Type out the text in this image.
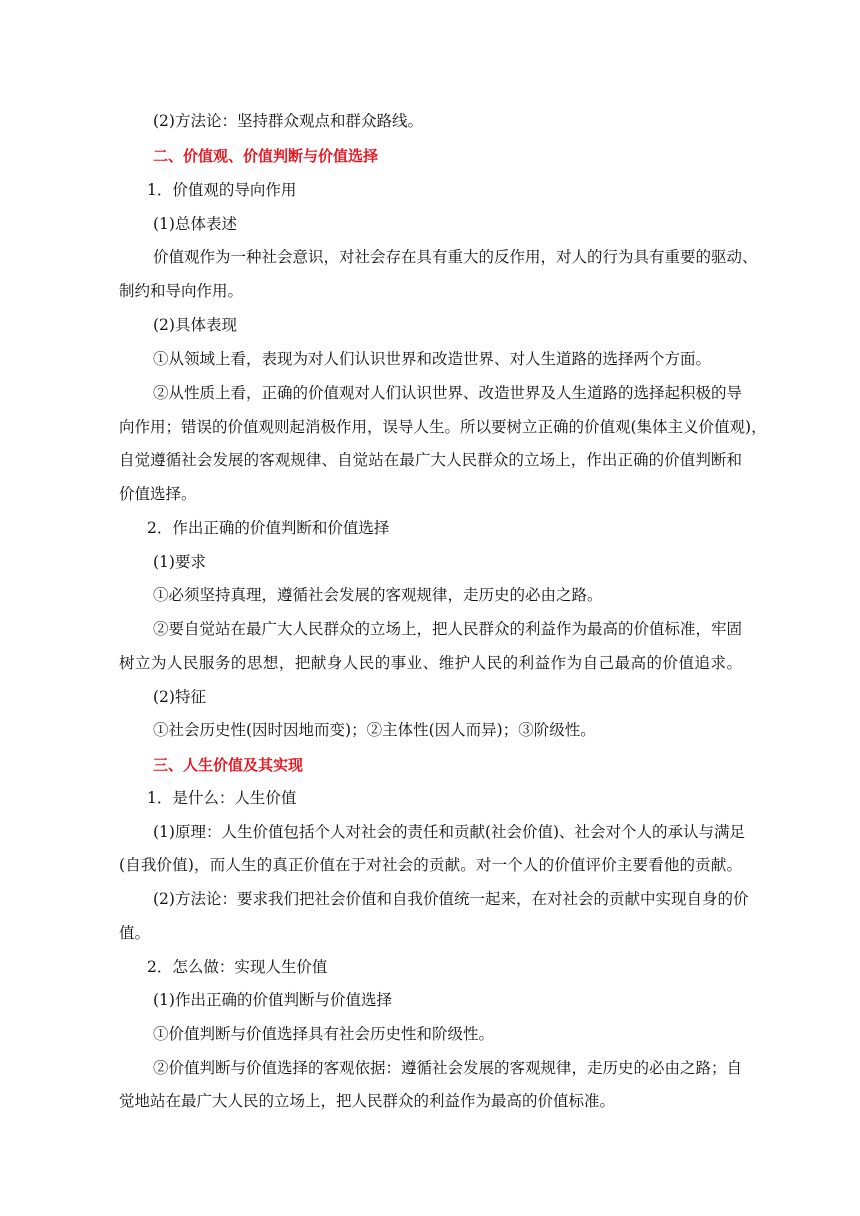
(2)方法论：坚持群众观点和群众路线。
二、价值观、价值判断与价值选择
1．价值观的导向作用
(1)总体表述
价值观作为一种社会意识，对社会存在具有重大的反作用，对人的行为具有重要的驱动、
制约和导向作用。
(2)具体表现
①从领域上看，表现为对人们认识世界和改造世界、对人生道路的选择两个方面。
②从性质上看，正确的价值观对人们认识世界、改造世界及人生道路的选择起积极的导
向作用；错误的价值观则起消极作用，误导人生。所以要树立正确的价值观(集体主义价值观)，
自觉遵循社会发展的客观规律、自觉站在最广大人民群众的立场上，作出正确的价值判断和
价值选择。
2．作出正确的价值判断和价值选择
(1)要求
①必须坚持真理，遵循社会发展的客观规律，走历史的必由之路。
②要自觉站在最广大人民群众的立场上，把人民群众的利益作为最高的价值标准，牢固
树立为人民服务的思想，把献身人民的事业、维护人民的利益作为自己最高的价值追求。
(2)特征
①社会历史性(因时因地而变)；②主体性(因人而异)；③阶级性。
三、人生价值及其实现
1．是什么：人生价值
(1)原理：人生价值包括个人对社会的责任和贡献(社会价值)、社会对个人的承认与满足
(自我价值)，而人生的真正价值在于对社会的贡献。对一个人的价值评价主要看他的贡献。
(2)方法论：要求我们把社会价值和自我价值统一起来，在对社会的贡献中实现自身的价
值。
2．怎么做：实现人生价值
(1)作出正确的价值判断与价值选择
①价值判断与价值选择具有社会历史性和阶级性。
②价值判断与价值选择的客观依据：遵循社会发展的客观规律，走历史的必由之路；自
觉地站在最广大人民的立场上，把人民群众的利益作为最高的价值标准。
